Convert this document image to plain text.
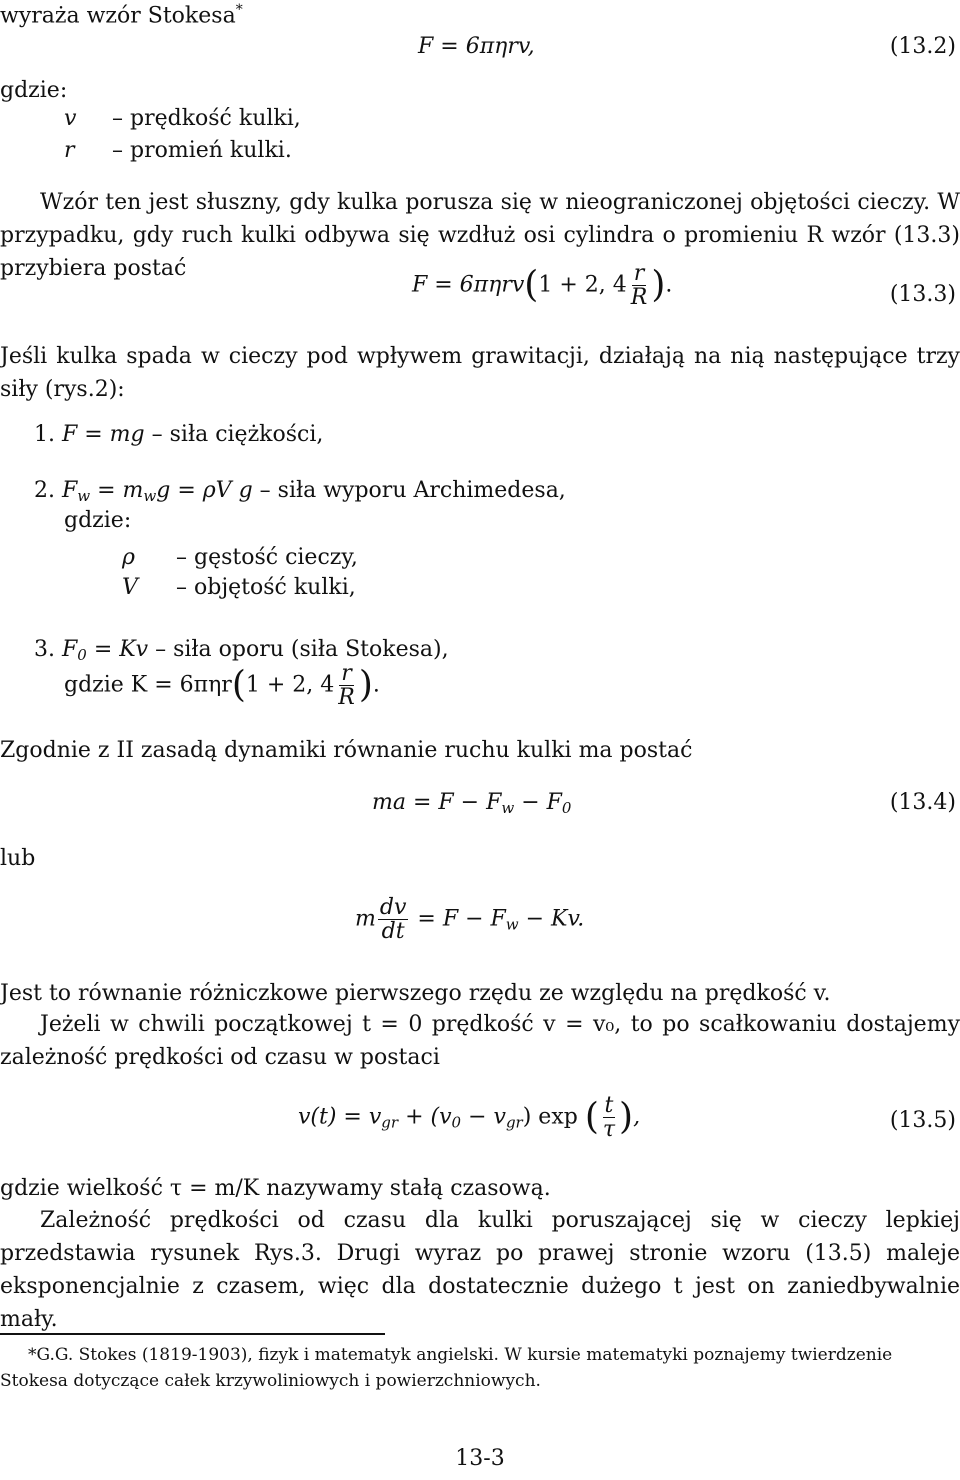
wyraża wzór Stokesa*
F = 6πηrv,	(13.2)
gdzie:
v – prędkość kulki,
r – promień kulki.
Wzór ten jest słuszny, gdy kulka porusza się w nieograniczonej objętości cieczy. W przypadku, gdy ruch kulki odbywa się wzdłuż osi cylindra o promieniu R wzór (13.3) przybiera postać
F = 6πηrv(1 + 2, $4 \frac{r}{R}$ ).	(13.3)
Jeśli kulka spada w cieczy pod wpływem grawitacji, działają na nią następujące trzy siły (rys.2):
1. F = mg – siła ciężkości,
2. $F_w = m_wg = \rho V$ g – siła wyporu Archimedesa,
gdzie:
ρ – gęstość cieczy,
V – objętość kulki,
3. $F_0 = Kv$ – siła oporu (siła Stokesa),
gdzie K = 6πηr(1 + 2, $4 \frac{r}{R}$ ).
Zgodnie z II zasadą dynamiki równanie ruchu kulki ma postać
ma = $F - F_w - F_0$	(13.4)
lub
m $\frac{dv}{dt} = F - F_w - Kv$.
Jest to równanie różniczkowe pierwszego rzędu ze względu na prędkość v.
Jeżeli w chwili początkowej t = 0 prędkość v = v₀, to po scałkowaniu dostajemy zależność prędkości od czasu w postaci
$v(t) = v_{gr} + (v_0 - v_{gr})$ exp ( $\frac{t}{\tau}$ ),	(13.5)
gdzie wielkość τ = m/K nazywamy stałą czasową.
Zależność prędkości od czasu dla kulki poruszającej się w cieczy lepkiej przedstawia rysunek Rys.3. Drugi wyraz po prawej stronie wzoru (13.5) maleje eksponencjalnie z czasem, więc dla dostatecznie dużego t jest on zaniedbywalnie mały.
*G.G. Stokes (1819-1903), fizyk i matematyk angielski. W kursie matematyki poznajemy twierdzenie Stokesa dotyczące całek krzywoliniowych i powierzchniowych.
13-3
